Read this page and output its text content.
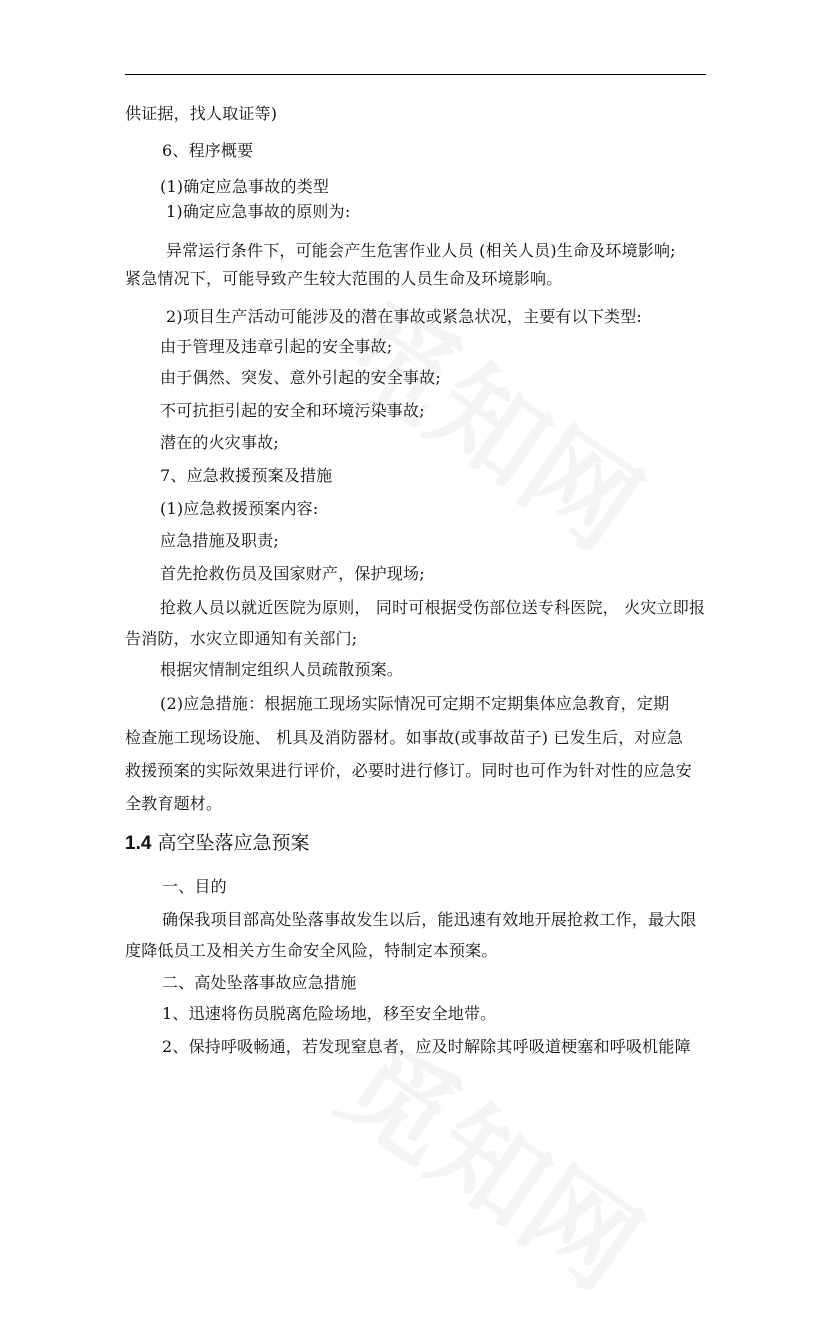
供证据，找人取证等)
6、程序概要
(1)确定应急事故的类型
1)确定应急事故的原则为:
异常运行条件下，可能会产生危害作业人员 (相关人员)生命及环境影响;
紧急情况下，可能导致产生较大范围的人员生命及环境影响。
2)项目生产活动可能涉及的潜在事故或紧急状况，主要有以下类型:
由于管理及违章引起的安全事故;
由于偶然、突发、意外引起的安全事故;
不可抗拒引起的安全和环境污染事故;
潜在的火灾事故;
7、应急救援预案及措施
(1)应急救援预案内容:
应急措施及职责;
首先抢救伤员及国家财产，保护现场;
抢救人员以就近医院为原则， 同时可根据受伤部位送专科医院， 火灾立即报
告消防，水灾立即通知有关部门;
根据灾情制定组织人员疏散预案。
(2)应急措施：根据施工现场实际情况可定期不定期集体应急教育，定期
检查施工现场设施、 机具及消防器材。如事故(或事故苗子) 已发生后，对应急
救援预案的实际效果进行评价，必要时进行修订。同时也可作为针对性的应急安
全教育题材。
1.4 高空坠落应急预案
一、目的
确保我项目部高处坠落事故发生以后，能迅速有效地开展抢救工作，最大限
度降低员工及相关方生命安全风险，特制定本预案。
二、高处坠落事故应急措施
1、迅速将伤员脱离危险场地，移至安全地带。
2、保持呼吸畅通，若发现窒息者，应及时解除其呼吸道梗塞和呼吸机能障
